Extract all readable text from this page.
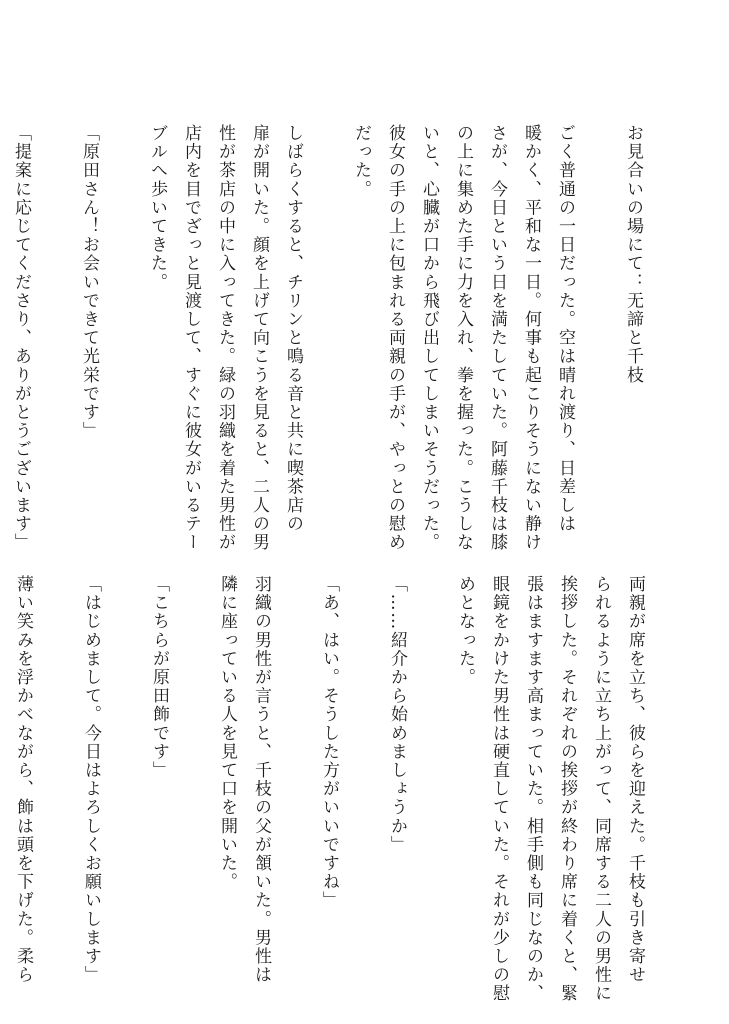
お見合いの場にて：无諦と千枝

ごく普通の一日だった。空は晴れ渡り、日差しは
暖かく、平和な一日。何事も起こりそうにない静け
さが、今日という日を満たしていた。阿藤千枝は膝
の上に集めた手に力を入れ、拳を握った。こうしな
いと、心臓が口から飛び出してしまいそうだった。
彼女の手の上に包まれる両親の手が、やっとの慰め
だった。

しばらくすると、チリンと鳴る音と共に喫茶店の
扉が開いた。顔を上げて向こうを見ると、二人の男
性が茶店の中に入ってきた。緑の羽織を着た男性が
店内を目でざっと見渡して、すぐに彼女がいるテー
ブルへ歩いてきた。

「原田さん！お会いできて光栄です」

「提案に応じてくださり、ありがとうございます」
両親が席を立ち、彼らを迎えた。千枝も引き寄せ
られるように立ち上がって、同席する二人の男性に
挨拶した。それぞれの挨拶が終わり席に着くと、緊
張はますます高まっていた。相手側も同じなのか、
眼鏡をかけた男性は硬直していた。それが少しの慰
めとなった。

「……紹介から始めましょうか」

「あ、はい。そうした方がいいですね」

羽織の男性が言うと、千枝の父が頷いた。男性は
隣に座っている人を見て口を開いた。

「こちらが原田飾です」

「はじめまして。今日はよろしくお願いします」

薄い笑みを浮かべながら、飾は頭を下げた。柔ら
